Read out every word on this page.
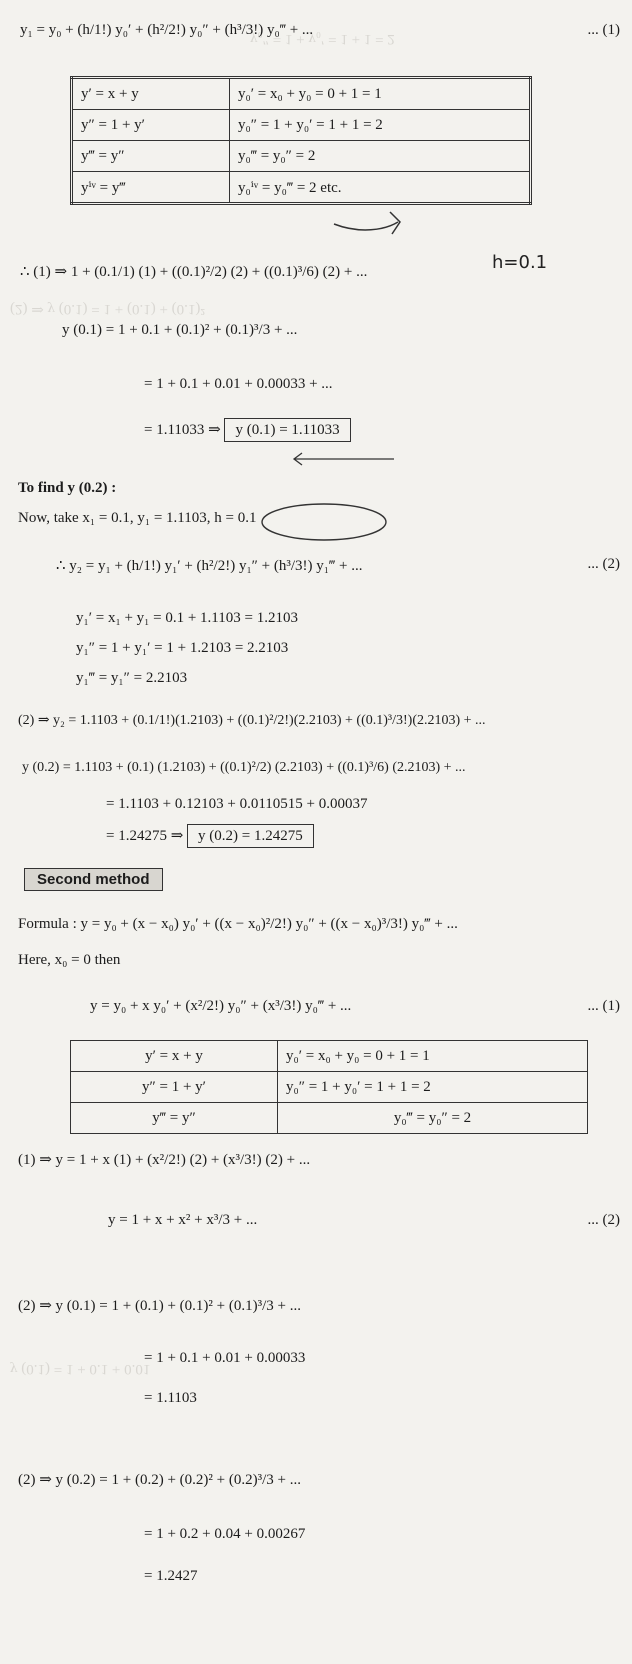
y₀″ = 1 + y₀′ = 1 + 1 = 2
(2) ⇒ y (0.1) = 1 + (0.1) + (0.1)²
y (0.1) = 1 + 0.1 + 0.01
y₁ = y₀ + (h/1!) y₀′ + (h²/2!) y₀″ + (h³/3!) y₀‴ + ...	... (1)
y′ = x + y	y₀′ = x₀ + y₀ = 0 + 1 = 1
y″ = 1 + y′	y₀″ = 1 + y₀′ = 1 + 1 = 2
y‴ = y″	y₀‴ = y₀″ = 2
yⁱᵛ = y‴	y₀ⁱᵛ = y₀‴ = 2 etc.
h=0.1
∴ (1) ⇒ 1 + (0.1/1) (1) + ((0.1)²/2) (2) + ((0.1)³/6) (2) + ...
y (0.1) = 1 + 0.1 + (0.1)² + (0.1)³/3 + ...
= 1 + 0.1 + 0.01 + 0.00033 + ...
= 1.11033 ⇒ y (0.1) = 1.11033
To find y (0.2) :
Now, take x₁ = 0.1, y₁ = 1.1103, h = 0.1
∴ y₂ = y₁ + (h/1!) y₁′ + (h²/2!) y₁″ + (h³/3!) y₁‴ + ...	... (2)
y₁′ = x₁ + y₁ = 0.1 + 1.1103 = 1.2103
y₁″ = 1 + y₁′ = 1 + 1.2103 = 2.2103
y₁‴ = y₁″ = 2.2103
(2) ⇒ y₂ = 1.1103 + (0.1/1!)(1.2103) + ((0.1)²/2!)(2.2103) + ((0.1)³/3!)(2.2103) + ...
y (0.2) = 1.1103 + (0.1) (1.2103) + ((0.1)²/2) (2.2103) + ((0.1)³/6) (2.2103) + ...
= 1.1103 + 0.12103 + 0.0110515 + 0.00037
= 1.24275 ⇒ y (0.2) = 1.24275
Second method
Formula : y = y₀ + (x − x₀) y₀′ + ((x − x₀)²/2!) y₀″ + ((x − x₀)³/3!) y₀‴ + ...
Here, x₀ = 0 then
y = y₀ + x y₀′ + (x²/2!) y₀″ + (x³/3!) y₀‴ + ...	... (1)
y′ = x + y	y₀′ = x₀ + y₀ = 0 + 1 = 1
y″ = 1 + y′	y₀″ = 1 + y₀′ = 1 + 1 = 2
y‴ = y″	y₀‴ = y₀″ = 2
(1) ⇒ y = 1 + x (1) + (x²/2!) (2) + (x³/3!) (2) + ...
y = 1 + x + x² + x³/3 + ...	... (2)
(2) ⇒ y (0.1) = 1 + (0.1) + (0.1)² + (0.1)³/3 + ...
= 1 + 0.1 + 0.01 + 0.00033
= 1.1103
(2) ⇒ y (0.2) = 1 + (0.2) + (0.2)² + (0.2)³/3 + ...
= 1 + 0.2 + 0.04 + 0.00267
= 1.2427
